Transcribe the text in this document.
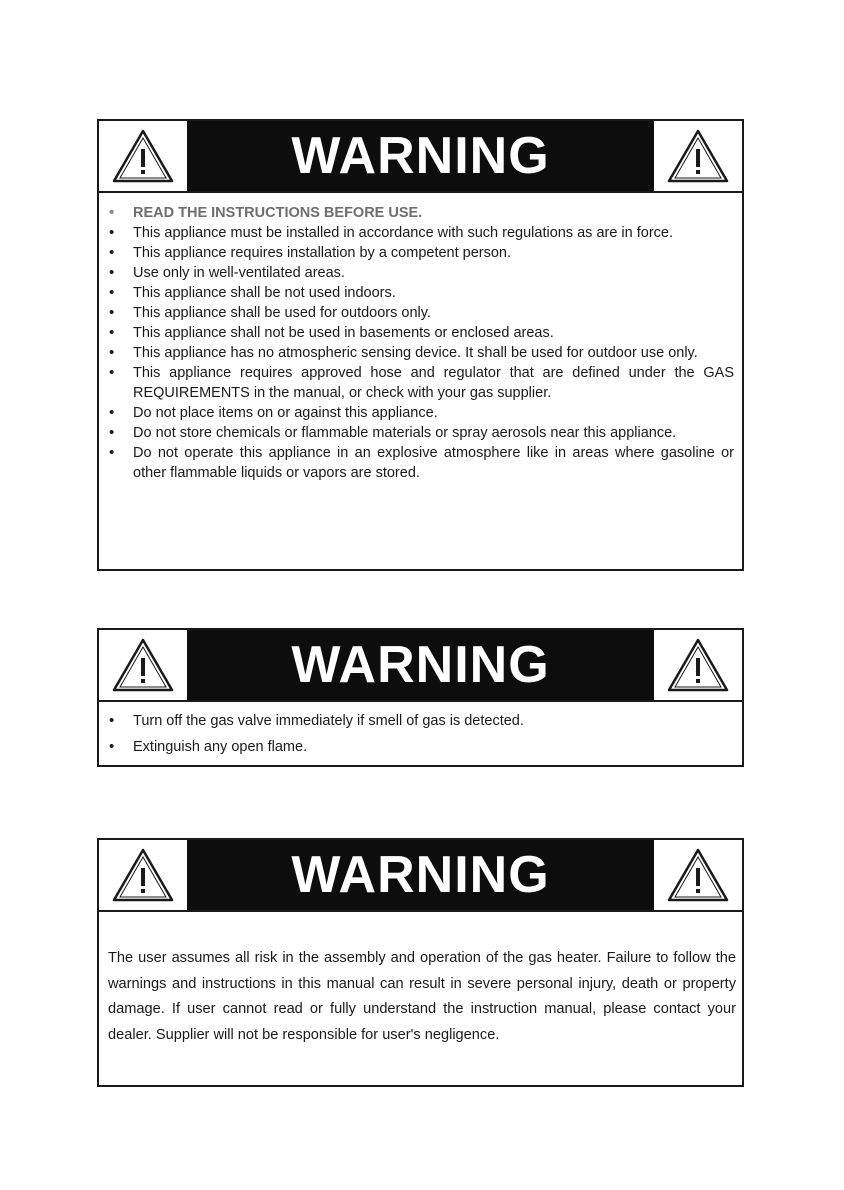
WARNING
• READ THE INSTRUCTIONS BEFORE USE.
• This appliance must be installed in accordance with such regulations as are in force.
• This appliance requires installation by a competent person.
• Use only in well-ventilated areas.
• This appliance shall be not used indoors.
• This appliance shall be used for outdoors only.
• This appliance shall not be used in basements or enclosed areas.
• This appliance has no atmospheric sensing device. It shall be used for outdoor use only.
• This appliance requires approved hose and regulator that are defined under the GAS REQUIREMENTS in the manual, or check with your gas supplier.
• Do not place items on or against this appliance.
• Do not store chemicals or flammable materials or spray aerosols near this appliance.
• Do not operate this appliance in an explosive atmosphere like in areas where gasoline or other flammable liquids or vapors are stored.
WARNING
• Turn off the gas valve immediately if smell of gas is detected.
• Extinguish any open flame.
WARNING

The user assumes all risk in the assembly and operation of the gas heater. Failure to follow the warnings and instructions in this manual can result in severe personal injury, death or property damage. If user cannot read or fully understand the instruction manual, please contact your dealer. Supplier will not be responsible for user's negligence.
